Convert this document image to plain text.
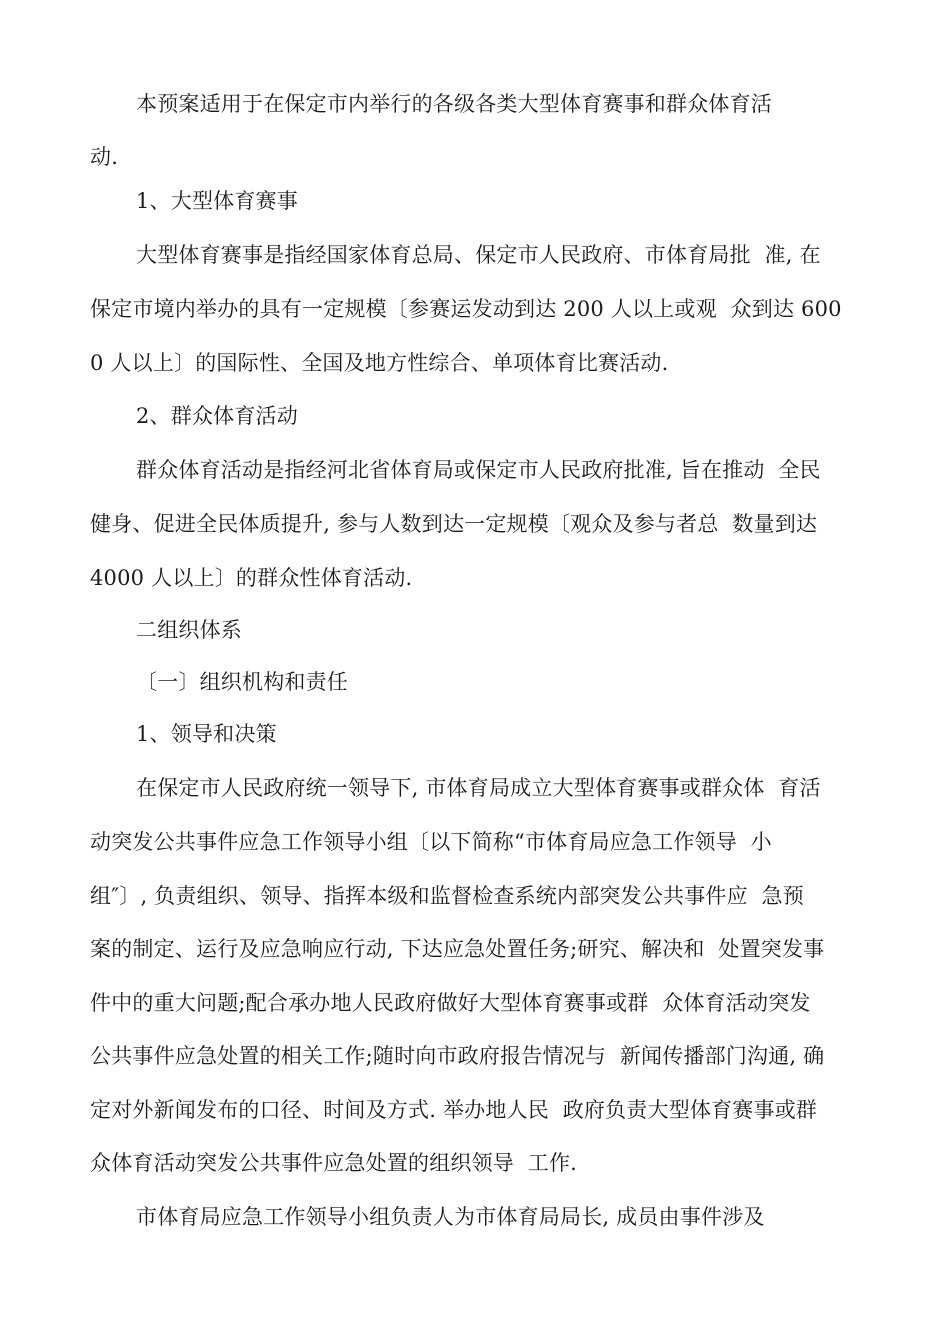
本预案适用于在保定市内举行的各级各类大型体育赛事和群众体育活
动.
1、大型体育赛事
大型体育赛事是指经国家体育总局、保定市人民政府、市体育局批  准, 在
保定市境内举办的具有一定规模〔参赛运发动到达 200 人以上或观  众到达 600
0 人以上〕的国际性、全国及地方性综合、单项体育比赛活动.
2、群众体育活动
群众体育活动是指经河北省体育局或保定市人民政府批准, 旨在推动  全民
健身、促进全民体质提升, 参与人数到达一定规模〔观众及参与者总  数量到达
4000 人以上〕的群众性体育活动.
二组织体系
〔一〕组织机构和责任
1、领导和决策
在保定市人民政府统一领导下, 市体育局成立大型体育赛事或群众体  育活
动突发公共事件应急工作领导小组〔以下简称“市体育局应急工作领导  小
组″〕, 负责组织、领导、指挥本级和监督检查系统内部突发公共事件应  急预
案的制定、运行及应急响应行动, 下达应急处置任务;研究、解决和  处置突发事
件中的重大问题;配合承办地人民政府做好大型体育赛事或群  众体育活动突发
公共事件应急处置的相关工作;随时向市政府报告情况与  新闻传播部门沟通, 确
定对外新闻发布的口径、时间及方式. 举办地人民  政府负责大型体育赛事或群
众体育活动突发公共事件应急处置的组织领导  工作.
市体育局应急工作领导小组负责人为市体育局局长, 成员由事件涉及
